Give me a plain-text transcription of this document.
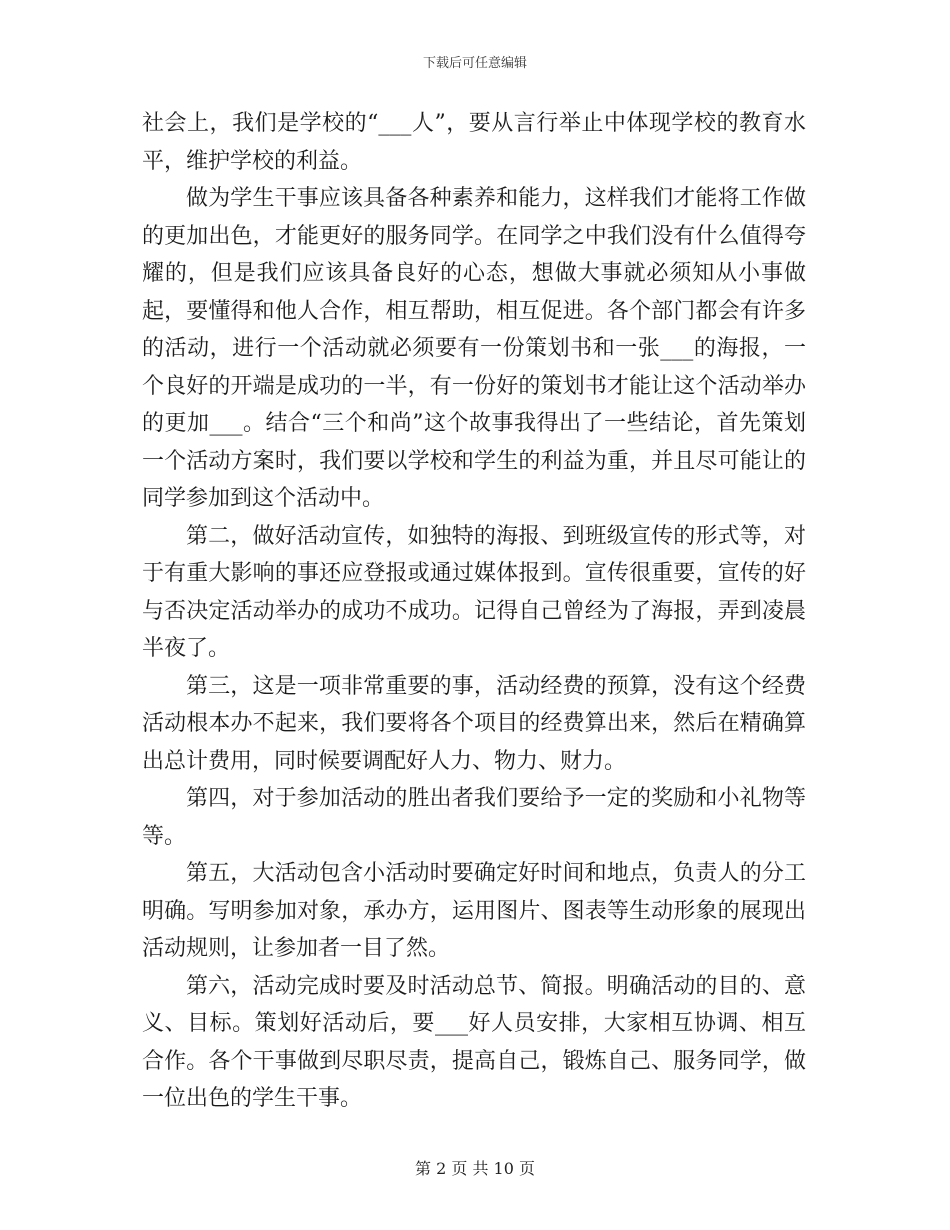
下载后可任意编辑

社会上，我们是学校的“___人”，要从言行举止中体现学校的教育水平，维护学校的利益。

做为学生干事应该具备各种素养和能力，这样我们才能将工作做的更加出色，才能更好的服务同学。在同学之中我们没有什么值得夸耀的，但是我们应该具备良好的心态，想做大事就必须知从小事做起，要懂得和他人合作，相互帮助，相互促进。各个部门都会有许多的活动，进行一个活动就必须要有一份策划书和一张___的海报，一个良好的开端是成功的一半，有一份好的策划书才能让这个活动举办的更加___。结合“三个和尚”这个故事我得出了一些结论，首先策划一个活动方案时，我们要以学校和学生的利益为重，并且尽可能让的同学参加到这个活动中。

第二，做好活动宣传，如独特的海报、到班级宣传的形式等，对于有重大影响的事还应登报或通过媒体报到。宣传很重要，宣传的好与否决定活动举办的成功不成功。记得自己曾经为了海报，弄到凌晨半夜了。

第三，这是一项非常重要的事，活动经费的预算，没有这个经费活动根本办不起来，我们要将各个项目的经费算出来，然后在精确算出总计费用，同时候要调配好人力、物力、财力。

第四，对于参加活动的胜出者我们要给予一定的奖励和小礼物等等。

第五，大活动包含小活动时要确定好时间和地点，负责人的分工明确。写明参加对象，承办方，运用图片、图表等生动形象的展现出活动规则，让参加者一目了然。

第六，活动完成时要及时活动总节、简报。明确活动的目的、意义、目标。策划好活动后，要___好人员安排，大家相互协调、相互合作。各个干事做到尽职尽责，提高自己，锻炼自己、服务同学，做一位出色的学生干事。

第 2 页 共 10 页
